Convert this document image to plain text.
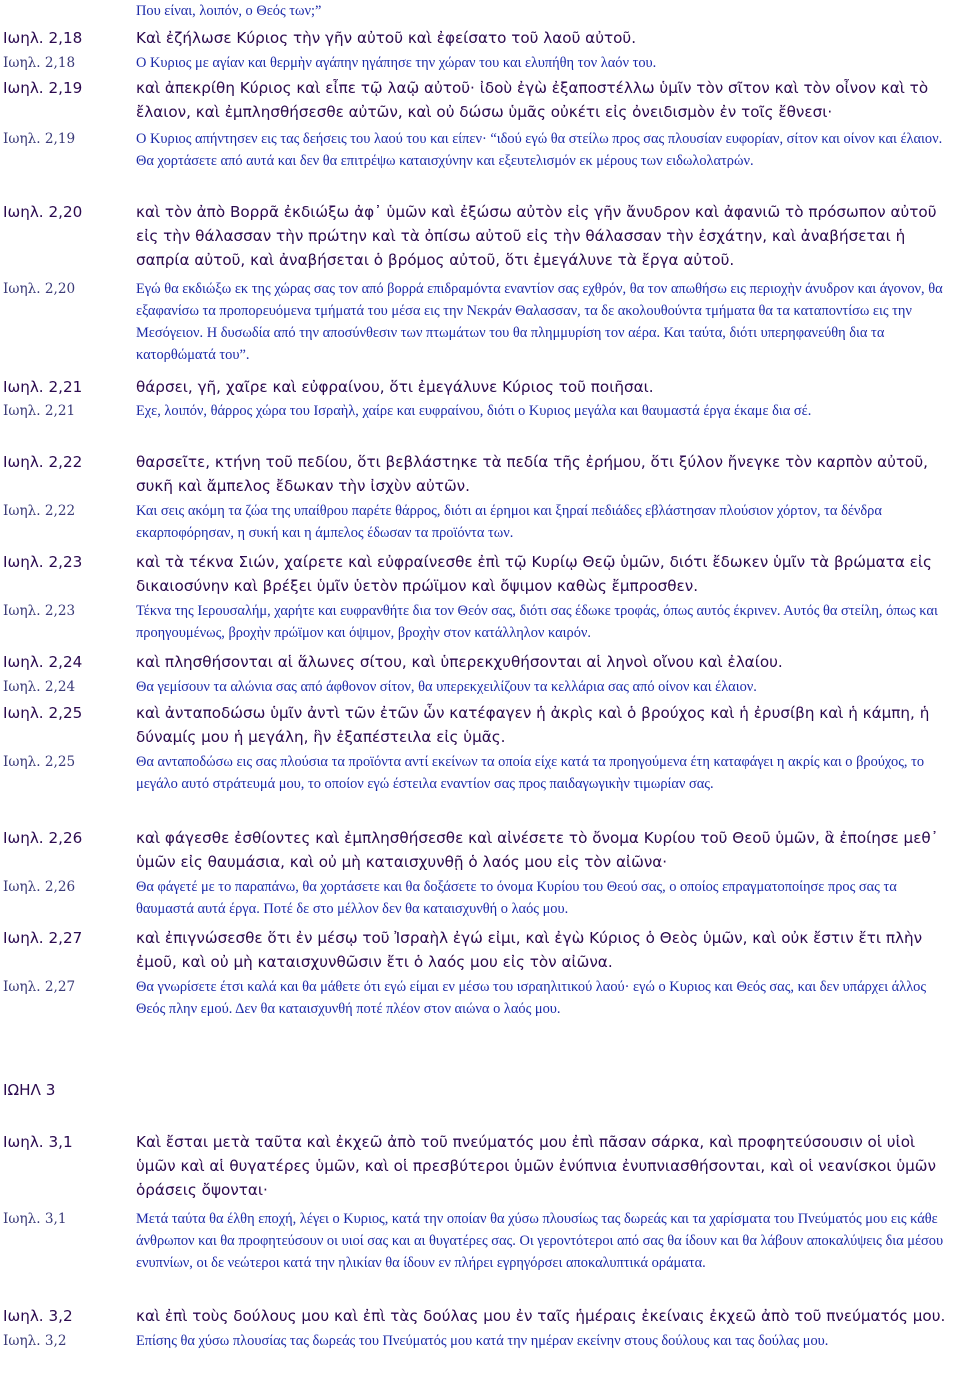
Που είναι, λοιπόν, ο Θεός των;”
Ιωηλ. 2,18	Καὶ ἐζήλωσε Κύριος τὴν γῆν αὐτοῦ καὶ ἐφείσατο τοῦ λαοῦ αὐτοῦ.
Ιωηλ. 2,18	Ο Κυριος με αγίαν και θερμὴν αγάπην ηγάπησε την χώραν του και ελυπήθη τον λαόν του.
Ιωηλ. 2,19	καὶ ἀπεκρίθη Κύριος καὶ εἶπε τῷ λαῷ αὐτοῦ· ἰδοὺ ἐγὼ ἐξαποστέλλω ὑμῖν τὸν σῖτον καὶ τὸν οἶνον καὶ τὸ ἔλαιον, καὶ ἐμπλησθήσεσθε αὐτῶν, καὶ οὐ δώσω ὑμᾶς οὐκέτι εἰς ὀνειδισμὸν ἐν τοῖς ἔθνεσι·
Ιωηλ. 2,19	Ο Κυριος απήντησεν εις τας δεήσεις του λαού του και είπεν· “ιδού εγώ θα στείλω προς σας πλουσίαν ευφορίαν, σίτον και οίνον και έλαιον. Θα χορτάσετε από αυτά και δεν θα επιτρέψω καταισχύνην και εξευτελισμόν εκ μέρους των ειδωλολατρών.
Ιωηλ. 2,20	καὶ τὸν ἀπὸ Βορρᾶ ἐκδιώξω ἀφ᾿ ὑμῶν καὶ ἐξώσω αὐτὸν εἰς γῆν ἄνυδρον καὶ ἀφανιῶ τὸ πρόσωπον αὐτοῦ εἰς τὴν θάλασσαν τὴν πρώτην καὶ τὰ ὀπίσω αὐτοῦ εἰς τὴν θάλασσαν τὴν ἐσχάτην, καὶ ἀναβήσεται ἡ σαπρία αὐτοῦ, καὶ ἀναβήσεται ὁ βρόμος αὐτοῦ, ὅτι ἐμεγάλυνε τὰ ἔργα αὐτοῦ.
Ιωηλ. 2,20	Εγώ θα εκδιώξω εκ της χώρας σας τον από βορρά επιδραμόντα εναντίον σας εχθρόν, θα τον απωθήσω εις περιοχὴν άνυδρον και άγονον, θα εξαφανίσω τα προπορευόμενα τμήματά του μέσα εις την Νεκράν Θαλασσαν, τα δε ακολουθούντα τμήματα θα τα καταποντίσω εις την Μεσόγειον. Η δυσωδία από την αποσύνθεσιν των πτωμάτων του θα πλημμυρίση τον αέρα. Και ταύτα, διότι υπερηφανεύθη δια τα κατορθώματά του”.
Ιωηλ. 2,21	θάρσει, γῆ, χαῖρε καὶ εὐφραίνου, ὅτι ἐμεγάλυνε Κύριος τοῦ ποιῆσαι.
Ιωηλ. 2,21	Εχε, λοιπόν, θάρρος χώρα του Ισραὴλ, χαίρε και ευφραίνου, διότι ο Κυριος μεγάλα και θαυμαστά έργα έκαμε δια σέ.
Ιωηλ. 2,22	θαρσεῖτε, κτήνη τοῦ πεδίου, ὅτι βεβλάστηκε τὰ πεδία τῆς ἐρήμου, ὅτι ξύλον ἤνεγκε τὸν καρπὸν αὐτοῦ, συκῆ καὶ ἄμπελος ἔδωκαν τὴν ἰσχὺν αὐτῶν.
Ιωηλ. 2,22	Και σεις ακόμη τα ζώα της υπαίθρου παρέτε θάρρος, διότι αι έρημοι και ξηραί πεδιάδες εβλάστησαν πλούσιον χόρτον, τα δένδρα εκαρποφόρησαν, η συκή και η άμπελος έδωσαν τα προϊόντα των.
Ιωηλ. 2,23	καὶ τὰ τέκνα Σιών, χαίρετε καὶ εὐφραίνεσθε ἐπὶ τῷ Κυρίῳ Θεῷ ὑμῶν, διότι ἔδωκεν ὑμῖν τὰ βρώματα εἰς δικαιοσύνην καὶ βρέξει ὑμῖν ὑετὸν πρώϊμον καὶ ὄψιμον καθὼς ἔμπροσθεν.
Ιωηλ. 2,23	Τέκνα της Ιερουσαλήμ, χαρήτε και ευφρανθήτε δια τον Θεόν σας, διότι σας έδωκε τροφάς, όπως αυτός έκρινεν. Αυτός θα στείλη, όπως και προηγουμένως, βροχὴν πρώϊμον και όψιμον, βροχὴν στον κατάλληλον καιρόν.
Ιωηλ. 2,24	καὶ πλησθήσονται αἱ ἅλωνες σίτου, καὶ ὑπερεκχυθήσονται αἱ ληνοὶ οἴνου καὶ ἐλαίου.
Ιωηλ. 2,24	Θα γεμίσουν τα αλώνια σας από άφθονον σίτον, θα υπερεκχειλίζουν τα κελλάρια σας από οίνον και έλαιον.
Ιωηλ. 2,25	καὶ ἀνταποδώσω ὑμῖν ἀντὶ τῶν ἐτῶν ὧν κατέφαγεν ἡ ἀκρὶς καὶ ὁ βρούχος καὶ ἡ ἐρυσίβη καὶ ἡ κάμπη, ἡ δύναμίς μου ἡ μεγάλη, ἣν ἐξαπέστειλα εἰς ὑμᾶς.
Ιωηλ. 2,25	Θα ανταποδώσω εις σας πλούσια τα προϊόντα αντί εκείνων τα οποία είχε κατά τα προηγούμενα έτη καταφάγει η ακρίς και ο βρούχος, το μεγάλο αυτό στράτευμά μου, το οποίον εγώ έστειλα εναντίον σας προς παιδαγωγικὴν τιμωρίαν σας.
Ιωηλ. 2,26	καὶ φάγεσθε ἐσθίοντες καὶ ἐμπλησθήσεσθε καὶ αἰνέσετε τὸ ὄνομα Κυρίου τοῦ Θεοῦ ὑμῶν, ἃ ἐποίησε μεθ᾿ ὑμῶν εἰς θαυμάσια, καὶ οὐ μὴ καταισχυνθῇ ὁ λαός μου εἰς τὸν αἰῶνα·
Ιωηλ. 2,26	Θα φάγετέ με το παραπάνω, θα χορτάσετε και θα δοξάσετε το όνομα Κυρίου του Θεού σας, ο οποίος επραγματοποίησε προς σας τα θαυμαστά αυτά έργα. Ποτέ δε στο μέλλον δεν θα καταισχυνθή ο λαός μου.
Ιωηλ. 2,27	καὶ ἐπιγνώσεσθε ὅτι ἐν μέσῳ τοῦ Ἰσραὴλ ἐγώ εἰμι, καὶ ἐγὼ Κύριος ὁ Θεὸς ὑμῶν, καὶ οὐκ ἔστιν ἔτι πλὴν ἐμοῦ, καὶ οὐ μὴ καταισχυνθῶσιν ἔτι ὁ λαός μου εἰς τὸν αἰῶνα.
Ιωηλ. 2,27	Θα γνωρίσετε έτσι καλά και θα μάθετε ότι εγώ είμαι εν μέσω του ισραηλιτικού λαού· εγώ ο Κυριος και Θεός σας, και δεν υπάρχει άλλος Θεός πλην εμού. Δεν θα καταισχυνθή ποτέ πλέον στον αιώνα ο λαός μου.
ΙΩΗΛ 3
Ιωηλ. 3,1	Καὶ ἔσται μετὰ ταῦτα καὶ ἐκχεῶ ἀπὸ τοῦ πνεύματός μου ἐπὶ πᾶσαν σάρκα, καὶ προφητεύσουσιν οἱ υἱοὶ ὑμῶν καὶ αἱ θυγατέρες ὑμῶν, καὶ οἱ πρεσβύτεροι ὑμῶν ἐνύπνια ἐνυπνιασθήσονται, καὶ οἱ νεανίσκοι ὑμῶν ὁράσεις ὄψονται·
Ιωηλ. 3,1	Μετά ταύτα θα έλθη εποχή, λέγει ο Κυριος, κατά την οποίαν θα χύσω πλουσίως τας δωρεάς και τα χαρίσματα του Πνεύματός μου εις κάθε άνθρωπον και θα προφητεύσουν οι υιοί σας και αι θυγατέρες σας. Οι γεροντότεροι από σας θα ίδουν και θα λάβουν αποκαλύψεις δια μέσου ενυπνίων, οι δε νεώτεροι κατά την ηλικίαν θα ίδουν εν πλήρει εγρηγόρσει αποκαλυπτικά οράματα.
Ιωηλ. 3,2	καὶ ἐπὶ τοὺς δούλους μου καὶ ἐπὶ τὰς δούλας μου ἐν ταῖς ἡμέραις ἐκείναις ἐκχεῶ ἀπὸ τοῦ πνεύματός μου.
Ιωηλ. 3,2	Επίσης θα χύσω πλουσίας τας δωρεάς του Πνεύματός μου κατά την ημέραν εκείνην στους δούλους και τας δούλας μου.
